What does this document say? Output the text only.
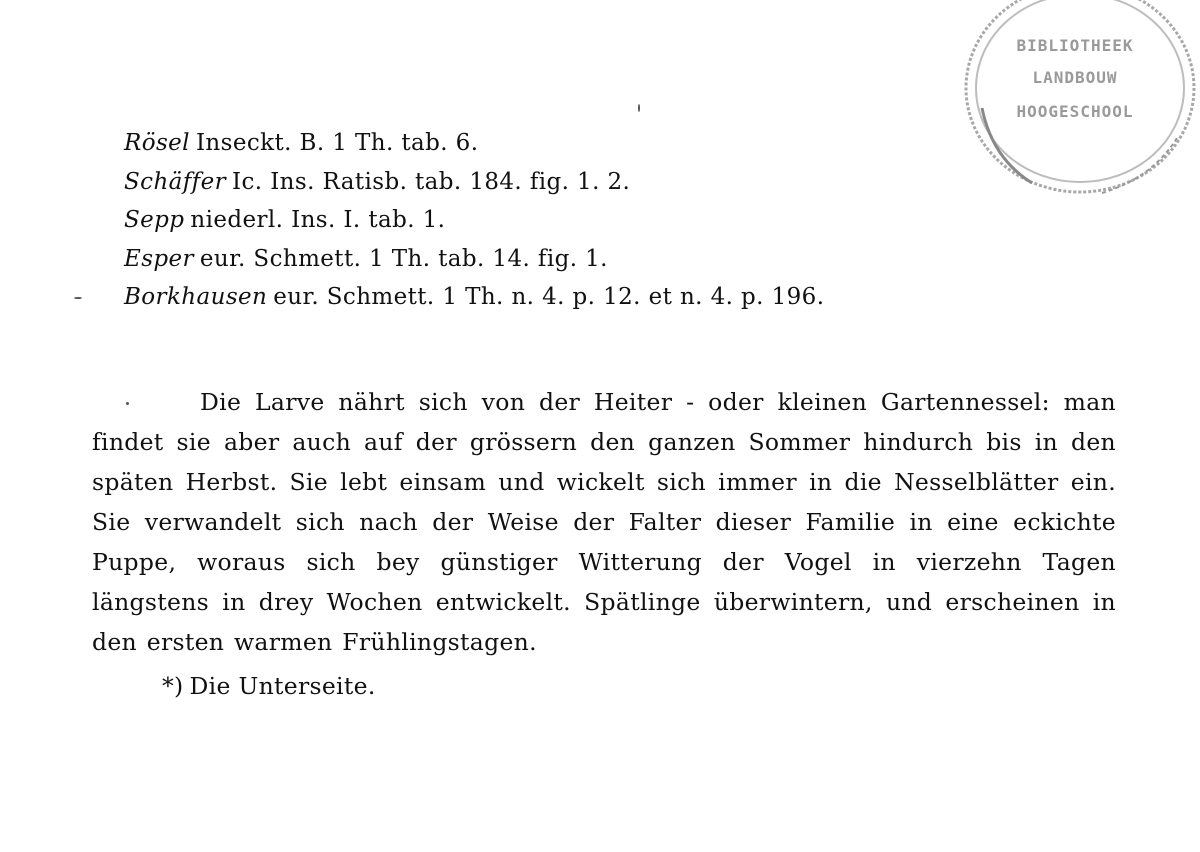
Rösel Inseckt. B. 1 Th. tab. 6.
Schäffer Ic. Ins. Ratisb. tab. 184. fig. 1. 2.
Sepp niederl. Ins. I. tab. 1.
Esper eur. Schmett. 1 Th. tab. 14. fig. 1.
Borkhausen eur. Schmett. 1 Th. n. 4. p. 12. et n. 4. p. 196.

Die Larve nährt sich von der Heiter - oder kleinen Gartennessel: man findet sie aber auch auf der grössern den ganzen Sommer hindurch bis in den späten Herbst. Sie lebt einsam und wickelt sich immer in die Nesselblätter ein. Sie verwandelt sich nach der Weise der Falter dieser Familie in eine eckichte Puppe, woraus sich bey günstiger Witterung der Vogel in vierzehn Tagen längstens in drey Wochen entwickelt. Spätlinge überwintern, und erscheinen in den ersten warmen Frühlingstagen.

*) Die Unterseite.

BIBLIOTHEEK
LANDBOUW
HOOGESCHOOL
